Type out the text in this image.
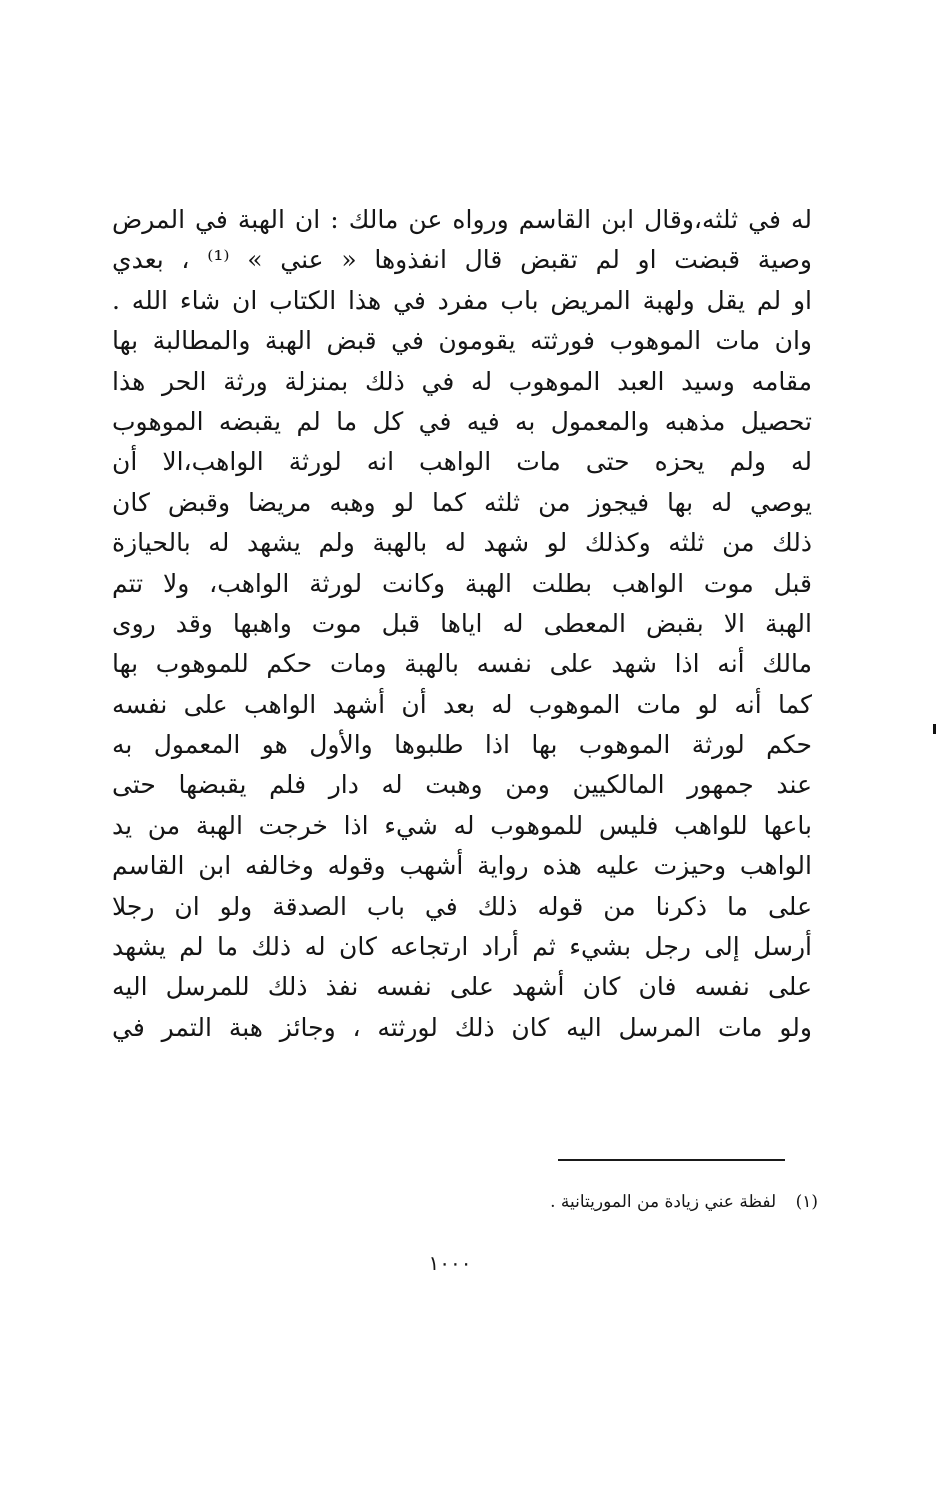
له في ثلثه،وقال ابن القاسم ورواه عن مالك : ان الهبة في المرض
وصية قبضت او لم تقبض قال انفذوها « عني » ⁽¹⁾ ، بعدي
او لم يقل ولهبة المريض باب مفرد في هذا الكتاب ان شاء الله .
وان مات الموهوب فورثته يقومون في قبض الهبة والمطالبة بها
مقامه وسيد العبد الموهوب له في ذلك بمنزلة ورثة الحر هذا
تحصيل مذهبه والمعمول به فيه في كل ما لم يقبضه الموهوب
له ولم يحزه حتى مات الواهب انه لورثة الواهب،الا أن
يوصي له بها فيجوز من ثلثه كما لو وهبه مريضا وقبض كان
ذلك من ثلثه وكذلك لو شهد له بالهبة ولم يشهد له بالحيازة
قبل موت الواهب بطلت الهبة وكانت لورثة الواهب، ولا تتم
الهبة الا بقبض المعطى له اياها قبل موت واهبها وقد روى
مالك أنه اذا شهد على نفسه بالهبة ومات حكم للموهوب بها
كما أنه لو مات الموهوب له بعد أن أشهد الواهب على نفسه
حكم لورثة الموهوب بها اذا طلبوها والأول هو المعمول به
عند جمهور المالكيين ومن وهبت له دار فلم يقبضها حتى
باعها للواهب فليس للموهوب له شيء اذا خرجت الهبة من يد
الواهب وحيزت عليه هذه رواية أشهب وقوله وخالفه ابن القاسم
على ما ذكرنا من قوله ذلك في باب الصدقة ولو ان رجلا
أرسل إلى رجل بشيء ثم أراد ارتجاعه كان له ذلك ما لم يشهد
على نفسه فان كان أشهد على نفسه نفذ ذلك للمرسل اليه
ولو مات المرسل اليه كان ذلك لورثته ، وجائز هبة التمر في
(١) لفظة عني زيادة من الموريتانية .
١٠٠٠
